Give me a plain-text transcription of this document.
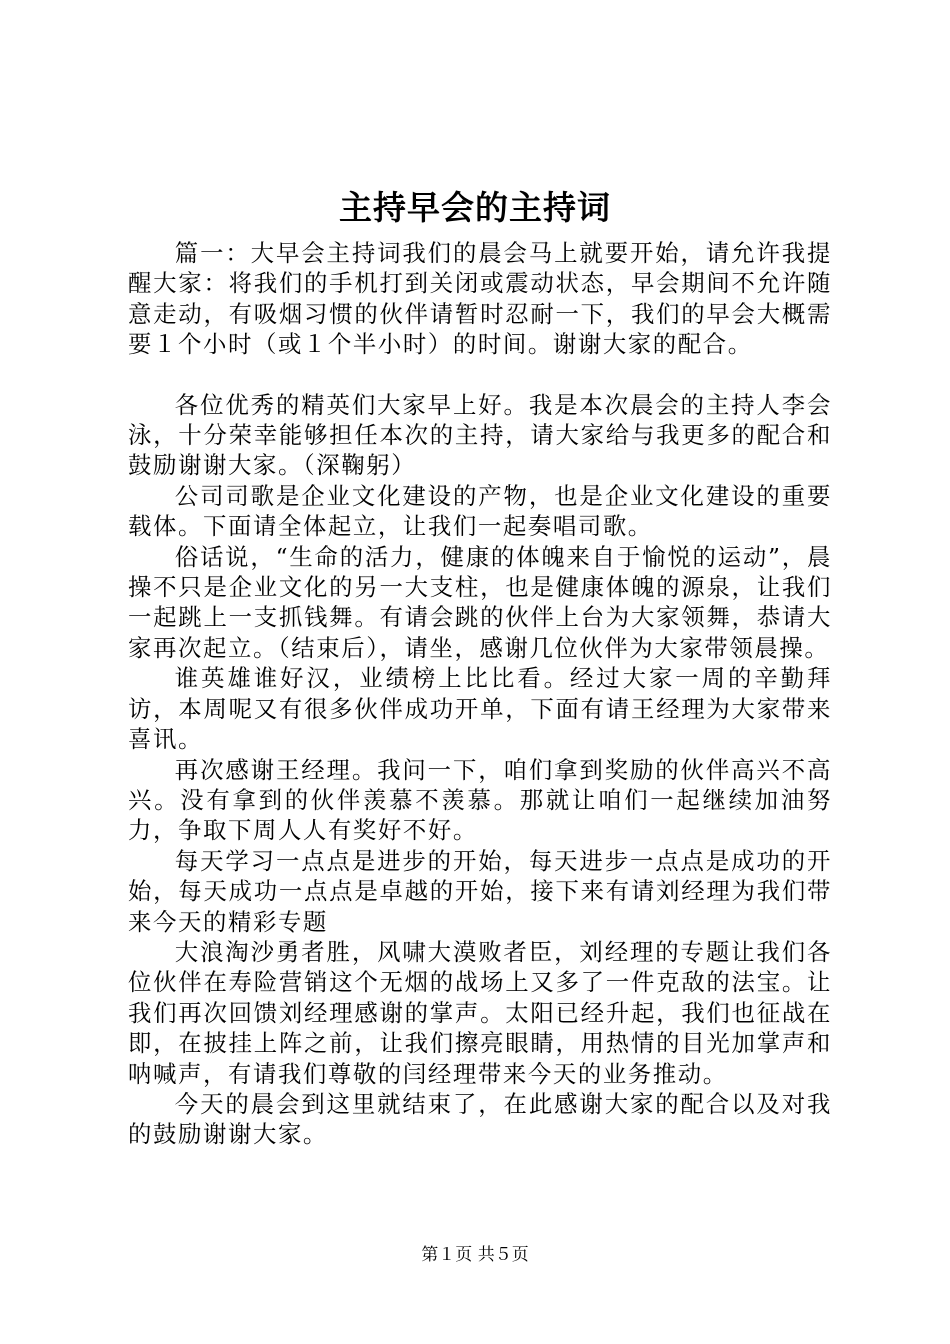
主持早会的主持词

篇一：大早会主持词我们的晨会马上就要开始，请允许我提醒大家：将我们的手机打到关闭或震动状态，早会期间不允许随意走动，有吸烟习惯的伙伴请暂时忍耐一下，我们的早会大概需要１个小时（或１个半小时）的时间。谢谢大家的配合。

各位优秀的精英们大家早上好。我是本次晨会的主持人李会泳，十分荣幸能够担任本次的主持，请大家给与我更多的配合和鼓励谢谢大家。（深鞠躬）

公司司歌是企业文化建设的产物，也是企业文化建设的重要载体。下面请全体起立，让我们一起奏唱司歌。

俗话说，“生命的活力，健康的体魄来自于愉悦的运动”，晨操不只是企业文化的另一大支柱，也是健康体魄的源泉，让我们一起跳上一支抓钱舞。有请会跳的伙伴上台为大家领舞，恭请大家再次起立。（结束后），请坐，感谢几位伙伴为大家带领晨操。

谁英雄谁好汉，业绩榜上比比看。经过大家一周的辛勤拜访，本周呢又有很多伙伴成功开单，下面有请王经理为大家带来喜讯。

再次感谢王经理。我问一下，咱们拿到奖励的伙伴高兴不高兴。没有拿到的伙伴羡慕不羡慕。那就让咱们一起继续加油努力，争取下周人人有奖好不好。

每天学习一点点是进步的开始，每天进步一点点是成功的开始，每天成功一点点是卓越的开始，接下来有请刘经理为我们带来今天的精彩专题

大浪淘沙勇者胜，风啸大漠败者臣，刘经理的专题让我们各位伙伴在寿险营销这个无烟的战场上又多了一件克敌的法宝。让我们再次回馈刘经理感谢的掌声。太阳已经升起，我们也征战在即，在披挂上阵之前，让我们擦亮眼睛，用热情的目光加掌声和呐喊声，有请我们尊敬的闫经理带来今天的业务推动。

今天的晨会到这里就结束了，在此感谢大家的配合以及对我的鼓励谢谢大家。

第１页 共５页
